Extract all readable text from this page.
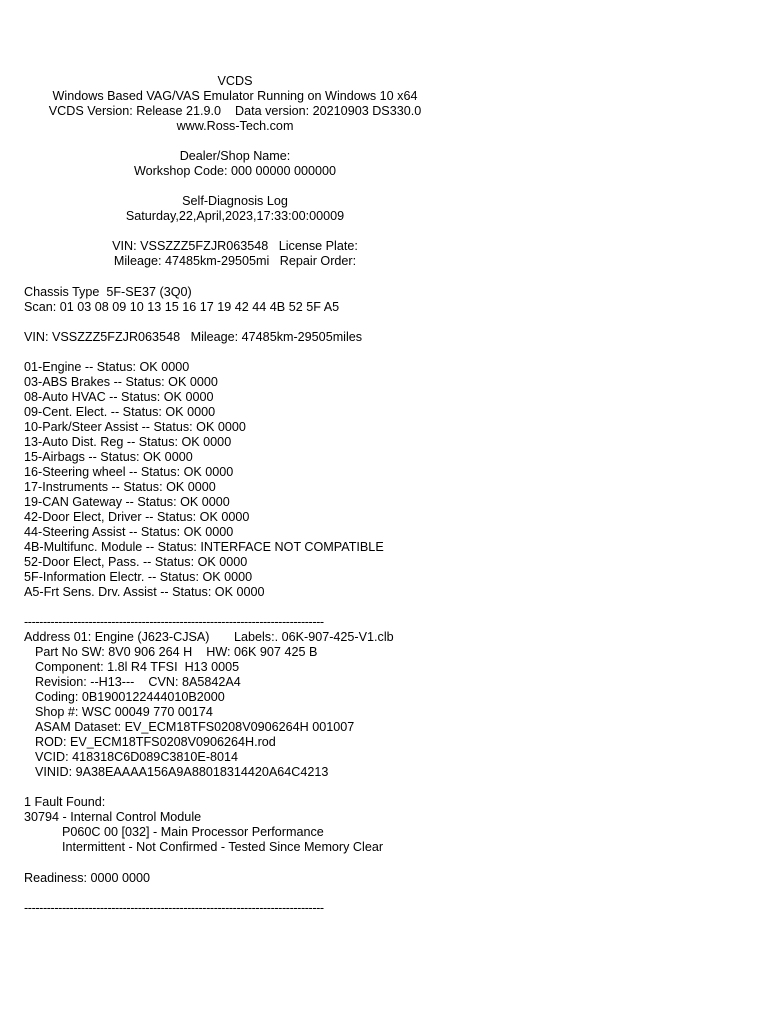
VCDS
Windows Based VAG/VAS Emulator Running on Windows 10 x64
VCDS Version: Release 21.9.0    Data version: 20210903 DS330.0
www.Ross-Tech.com
Dealer/Shop Name:
Workshop Code: 000 00000 000000
Self-Diagnosis Log
Saturday,22,April,2023,17:33:00:00009
VIN: VSSZZZ5FZJR063548   License Plate:
Mileage: 47485km-29505mi   Repair Order:
Chassis Type  5F-SE37 (3Q0)
Scan: 01 03 08 09 10 13 15 16 17 19 42 44 4B 52 5F A5
VIN: VSSZZZ5FZJR063548   Mileage: 47485km-29505miles
01-Engine -- Status: OK 0000
03-ABS Brakes -- Status: OK 0000
08-Auto HVAC -- Status: OK 0000
09-Cent. Elect. -- Status: OK 0000
10-Park/Steer Assist -- Status: OK 0000
13-Auto Dist. Reg -- Status: OK 0000
15-Airbags -- Status: OK 0000
16-Steering wheel -- Status: OK 0000
17-Instruments -- Status: OK 0000
19-CAN Gateway -- Status: OK 0000
42-Door Elect, Driver -- Status: OK 0000
44-Steering Assist -- Status: OK 0000
4B-Multifunc. Module -- Status: INTERFACE NOT COMPATIBLE
52-Door Elect, Pass. -- Status: OK 0000
5F-Information Electr. -- Status: OK 0000
A5-Frt Sens. Drv. Assist -- Status: OK 0000
-------------------------------------------------------------------------------
Address 01: Engine (J623-CJSA)       Labels:. 06K-907-425-V1.clb
Part No SW: 8V0 906 264 H    HW: 06K 907 425 B
Component: 1.8l R4 TFSI  H13 0005
Revision: --H13---    CVN: 8A5842A4
Coding: 0B1900122444010B2000
Shop #: WSC 00049 770 00174
ASAM Dataset: EV_ECM18TFS0208V0906264H 001007
ROD: EV_ECM18TFS0208V0906264H.rod
VCID: 418318C6D089C3810E-8014
VINID: 9A38EAAAA156A9A88018314420A64C4213
1 Fault Found:
30794 - Internal Control Module
P060C 00 [032] - Main Processor Performance
Intermittent - Not Confirmed - Tested Since Memory Clear
Readiness: 0000 0000
-------------------------------------------------------------------------------
